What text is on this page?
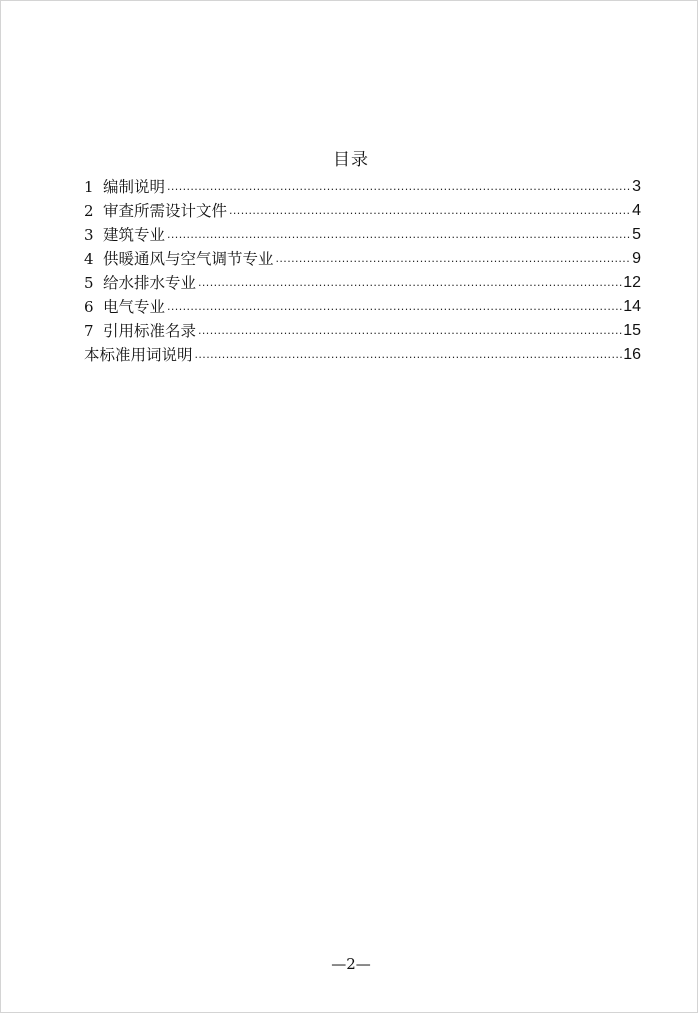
目录
1 编制说明 .....	3
2 审查所需设计文件 .....	4
3 建筑专业 .....	5
4 供暖通风与空气调节专业 .....	9
5 给水排水专业 .....	12
6 电气专业 .....	14
7 引用标准名录 .....	15
本标准用词说明 .....	16
—2—
